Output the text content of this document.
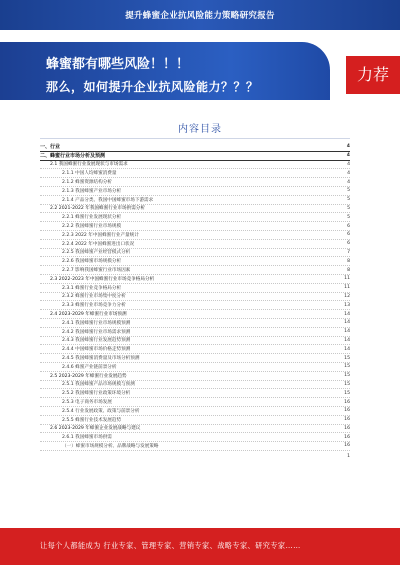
提升蜂蜜企业抗风险能力策略研究报告
蜂蜜都有哪些风险！！！
那么，如何提升企业抗风险能力？？？
力荐
内容目录
一、行业	4
二、蜂蜜行业市场分析及预测	4
2.1 我国蜂蜜行业发展现状与市场需求	4
2.1.1 中国人均蜂蜜消费量	4
2.1.2 蜂蜜资源结构分析	4
2.1.3 我国蜂蜜产业市场分析	5
2.1.4 产品分类、我国中国蜂蜜市场下游需求	5
2.2 2021-2022 年我国蜂蜜行业市场供需分析	5
2.2.1 蜂蜜行业发展现状分析	5
2.2.2 我国蜂蜜行业市场规模	6
2.2.3 2022 年中国蜂蜜行业产量统计	6
2.2.4 2022 年中国蜂蜜进出口状况	6
2.2.5 我国蜂蜜产业经营模式分析	7
2.2.6 我国蜂蜜市场规模分析	8
2.2.7 影响我国蜂蜜行业市场因素	8
2.3 2022-2023 年中国蜂蜜行业市场竞争格局分析	11
2.3.1 蜂蜜行业竞争格局分析	11
2.3.2 蜂蜜行业市场集中度分析	12
2.3.3 蜂蜜行业市场竞争力分析	13
2.4 2023-2029 年蜂蜜行业市场预测	14
2.4.1 我国蜂蜜行业市场规模预测	14
2.4.2 我国蜂蜜行业市场需求预测	14
2.4.3 我国蜂蜜行业发展趋势预测	14
2.4.4 中国蜂蜜市场价格走势预测	14
2.4.5 我国蜂蜜消费量及市场分析预测	15
2.4.6 蜂蜜产业链前景分析	15
2.5 2023-2029 年蜂蜜行业发展趋势	15
2.5.1 我国蜂蜜产品市场规模与预测	15
2.5.2 我国蜂蜜行业政策环境分析	15
2.5.3 电子商务市场发展	16
2.5.4 行业发展政策、政策与前景分析	16
2.5.5 蜂蜜行业技术发展趋势	16
2.6 2023-2029 年蜂蜜企业发展战略与建议	16
2.6.1 我国蜂蜜市场供需	16
（一）蜂蜜市场规模分析、品牌战略与发展策略	16
1
让每个人都能成为 行业专家、管理专家、营销专家、战略专家、研究专家……
